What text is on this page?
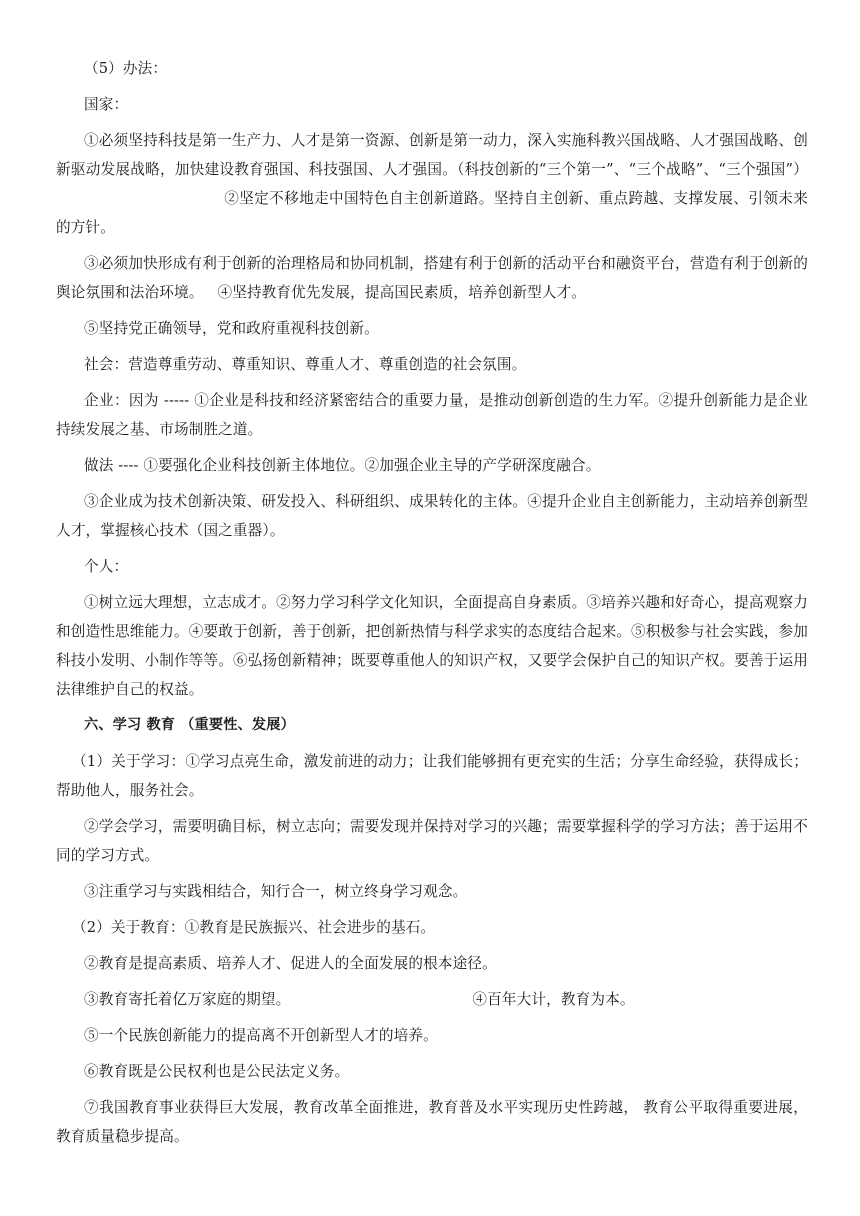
（5）办法：

国家：

①必须坚持科技是第一生产力、人才是第一资源、创新是第一动力，深入实施科教兴国战略、人才强国战略、创新驱动发展战略，加快建设教育强国、科技强国、人才强国。（科技创新的“三个第一”、“三个战略”、“三个强国”）②坚定不移地走中国特色自主创新道路。坚持自主创新、重点跨越、支撑发展、引领未来的方针。

③必须加快形成有利于创新的治理格局和协同机制，搭建有利于创新的活动平台和融资平台，营造有利于创新的舆论氛围和法治环境。 ④坚持教育优先发展，提高国民素质，培养创新型人才。

⑤坚持党正确领导，党和政府重视科技创新。

社会：营造尊重劳动、尊重知识、尊重人才、尊重创造的社会氛围。

企业：因为 ----- ①企业是科技和经济紧密结合的重要力量，是推动创新创造的生力军。②提升创新能力是企业持续发展之基、市场制胜之道。

做法 ---- ①要强化企业科技创新主体地位。②加强企业主导的产学研深度融合。

③企业成为技术创新决策、研发投入、科研组织、成果转化的主体。④提升企业自主创新能力，主动培养创新型人才，掌握核心技术（国之重器）。

个人：

①树立远大理想，立志成才。②努力学习科学文化知识，全面提高自身素质。③培养兴趣和好奇心，提高观察力和创造性思维能力。④要敢于创新，善于创新，把创新热情与科学求实的态度结合起来。⑤积极参与社会实践，参加科技小发明、小制作等等。⑥弘扬创新精神；既要尊重他人的知识产权，又要学会保护自己的知识产权。要善于运用法律维护自己的权益。

六、学习 教育 （重要性、发展）

（1）关于学习：①学习点亮生命，激发前进的动力；让我们能够拥有更充实的生活；分享生命经验，获得成长；帮助他人，服务社会。

②学会学习，需要明确目标，树立志向；需要发现并保持对学习的兴趣；需要掌握科学的学习方法；善于运用不同的学习方式。

③注重学习与实践相结合，知行合一，树立终身学习观念。

（2）关于教育：①教育是民族振兴、社会进步的基石。

②教育是提高素质、培养人才、促进人的全面发展的根本途径。

③教育寄托着亿万家庭的期望。	④百年大计，教育为本。

⑤一个民族创新能力的提高离不开创新型人才的培养。

⑥教育既是公民权利也是公民法定义务。

⑦我国教育事业获得巨大发展，教育改革全面推进，教育普及水平实现历史性跨越， 教育公平取得重要进展，教育质量稳步提高。
